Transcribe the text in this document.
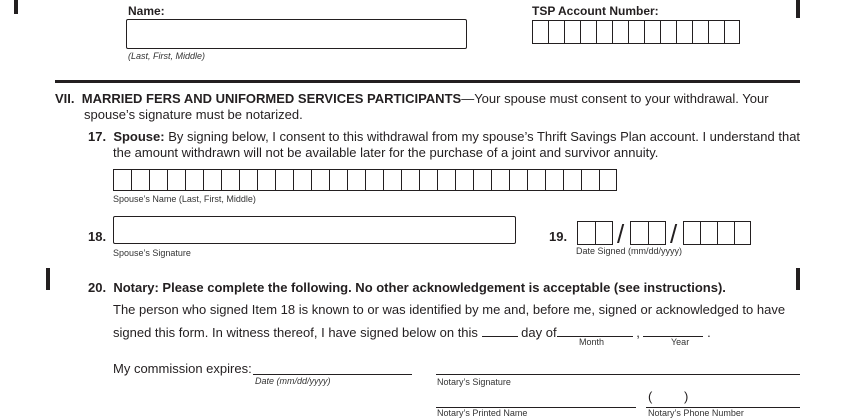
Name:
(Last, First, Middle)
TSP Account Number:
VII. MARRIED FERS AND UNIFORMED SERVICES PARTICIPANTS—Your spouse must consent to your withdrawal. Your
spouse’s signature must be notarized.
17. Spouse: By signing below, I consent to this withdrawal from my spouse’s Thrift Savings Plan account. I understand that
the amount withdrawn will not be available later for the purchase of a joint and survivor annuity.
Spouse’s Name (Last, First, Middle)
18.
Spouse’s Signature
19. / /
Date Signed (mm/dd/yyyy)
20. Notary: Please complete the following. No other acknowledgement is acceptable (see instructions).
The person who signed Item 18 is known to or was identified by me and, before me, signed or acknowledged to have
signed this form. In witness thereof, I have signed below on this	day of	,	.
Month	Year
My commission expires:
Date (mm/dd/yyyy)	Notary’s Signature
Notary’s Printed Name
( )
Notary’s Phone Number
